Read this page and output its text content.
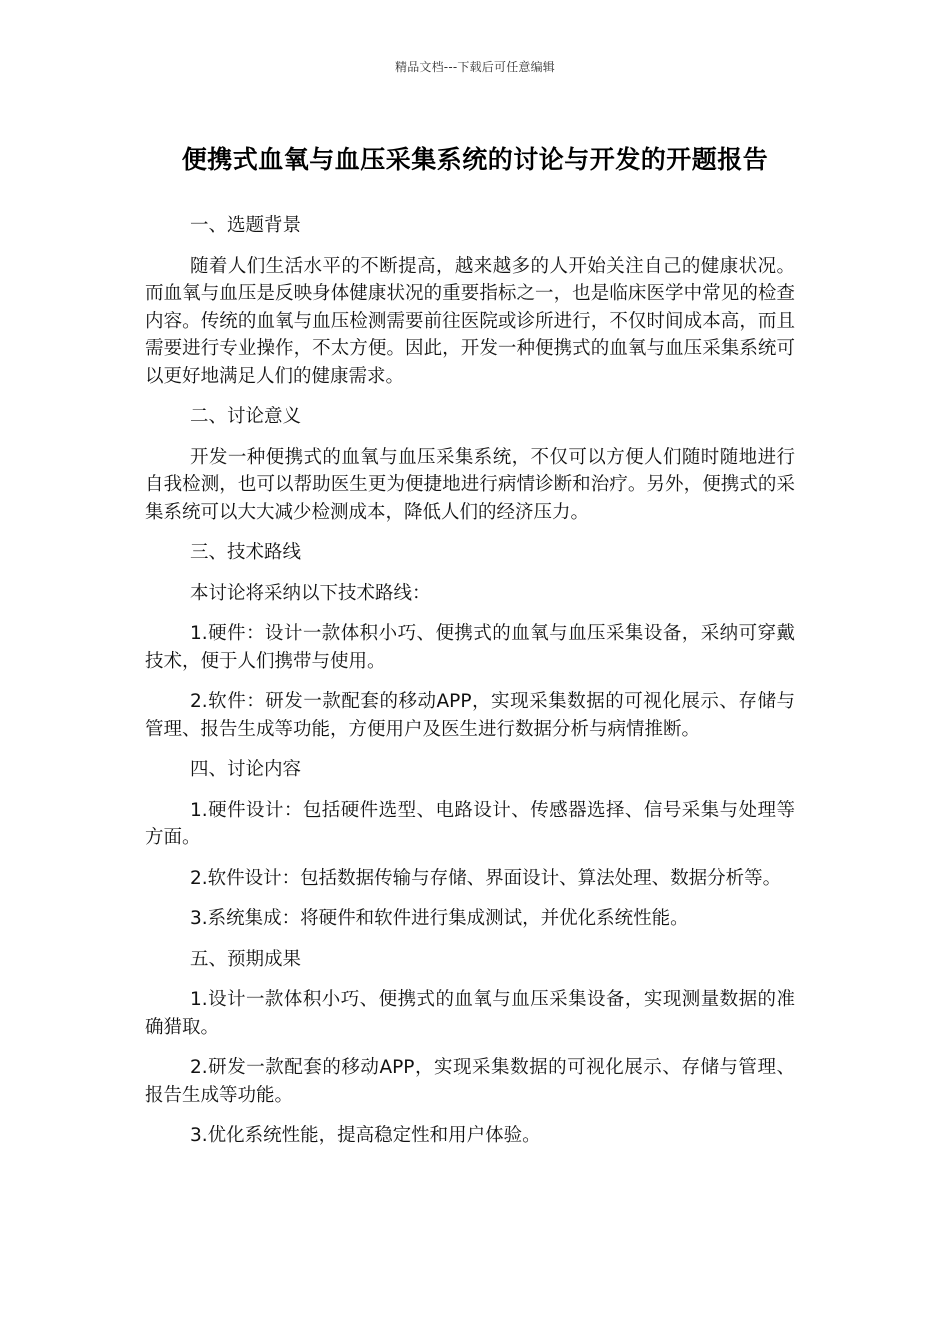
精品文档---下载后可任意编辑
便携式血氧与血压采集系统的讨论与开发的开题报告

一、选题背景

随着人们生活水平的不断提高，越来越多的人开始关注自己的健康状况。而血氧与血压是反映身体健康状况的重要指标之一，也是临床医学中常见的检查内容。传统的血氧与血压检测需要前往医院或诊所进行，不仅时间成本高，而且需要进行专业操作，不太方便。因此，开发一种便携式的血氧与血压采集系统可以更好地满足人们的健康需求。

二、讨论意义

开发一种便携式的血氧与血压采集系统，不仅可以方便人们随时随地进行自我检测，也可以帮助医生更为便捷地进行病情诊断和治疗。另外，便携式的采集系统可以大大减少检测成本，降低人们的经济压力。

三、技术路线

本讨论将采纳以下技术路线：

1.硬件：设计一款体积小巧、便携式的血氧与血压采集设备，采纳可穿戴技术，便于人们携带与使用。

2.软件：研发一款配套的移动APP，实现采集数据的可视化展示、存储与管理、报告生成等功能，方便用户及医生进行数据分析与病情推断。

四、讨论内容

1.硬件设计：包括硬件选型、电路设计、传感器选择、信号采集与处理等方面。

2.软件设计：包括数据传输与存储、界面设计、算法处理、数据分析等。

3.系统集成：将硬件和软件进行集成测试，并优化系统性能。

五、预期成果

1.设计一款体积小巧、便携式的血氧与血压采集设备，实现测量数据的准确猎取。

2.研发一款配套的移动APP，实现采集数据的可视化展示、存储与管理、报告生成等功能。

3.优化系统性能，提高稳定性和用户体验。
